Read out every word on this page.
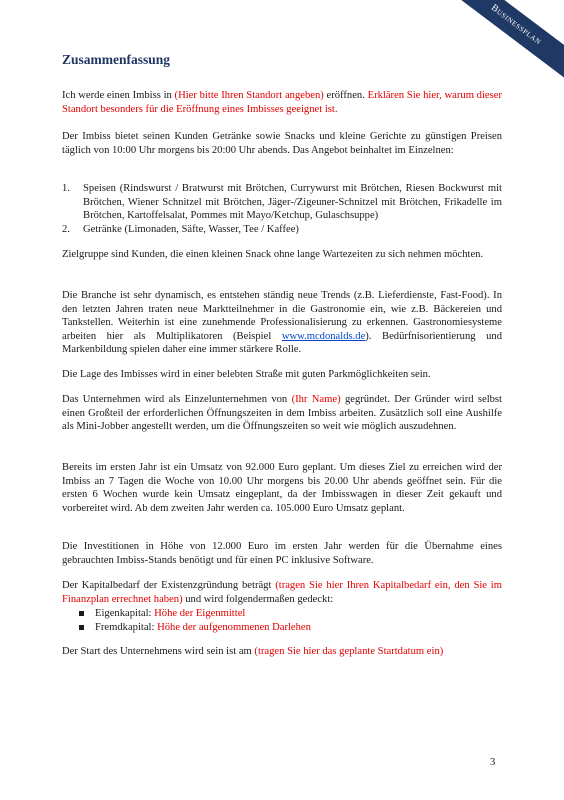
Businessplan
Zusammenfassung

Ich werde einen Imbiss in (Hier bitte Ihren Standort angeben) eröffnen. Erklären Sie hier, warum dieser Standort besonders für die Eröffnung eines Imbisses geeignet ist.

Der Imbiss bietet seinen Kunden Getränke sowie Snacks und kleine Gerichte zu günstigen Preisen täglich von 10:00 Uhr morgens bis 20:00 Uhr abends. Das Angebot beinhaltet im Einzelnen:

1. Speisen (Rindswurst / Bratwurst mit Brötchen, Currywurst mit Brötchen, Riesen Bockwurst mit Brötchen, Wiener Schnitzel mit Brötchen, Jäger-/Zigeuner-Schnitzel mit Brötchen, Frikadelle im Brötchen, Kartoffelsalat, Pommes mit Mayo/Ketchup, Gulaschsuppe)
2. Getränke (Limonaden, Säfte, Wasser, Tee / Kaffee)

Zielgruppe sind Kunden, die einen kleinen Snack ohne lange Wartezeiten zu sich nehmen möchten.

Die Branche ist sehr dynamisch, es entstehen ständig neue Trends (z.B. Lieferdienste, Fast-Food). In den letzten Jahren traten neue Marktteilnehmer in die Gastronomie ein, wie z.B. Bäckereien und Tankstellen. Weiterhin ist eine zunehmende Professionalisierung zu erkennen. Gastronomiesysteme arbeiten hier als Multiplikatoren (Beispiel www.mcdonalds.de). Bedürfnisorientierung und Markenbildung spielen daher eine immer stärkere Rolle.

Die Lage des Imbisses wird in einer belebten Straße mit guten Parkmöglichkeiten sein.

Das Unternehmen wird als Einzelunternehmen von (Ihr Name) gegründet. Der Gründer wird selbst einen Großteil der erforderlichen Öffnungszeiten in dem Imbiss arbeiten. Zusätzlich soll eine Aushilfe als Mini-Jobber angestellt werden, um die Öffnungszeiten so weit wie möglich auszudehnen.

Bereits im ersten Jahr ist ein Umsatz von 92.000 Euro geplant. Um dieses Ziel zu erreichen wird der Imbiss an 7 Tagen die Woche von 10.00 Uhr morgens bis 20.00 Uhr abends geöffnet sein. Für die ersten 6 Wochen wurde kein Umsatz eingeplant, da der Imbisswagen in dieser Zeit gekauft und vorbereitet wird. Ab dem zweiten Jahr werden ca. 105.000 Euro Umsatz geplant.

Die Investitionen in Höhe von 12.000 Euro im ersten Jahr werden für die Übernahme eines gebrauchten Imbiss-Stands benötigt und für einen PC inklusive Software.

Der Kapitalbedarf der Existenzgründung beträgt (tragen Sie hier Ihren Kapitalbedarf ein, den Sie im Finanzplan errechnet haben) und wird folgendermaßen gedeckt:

Eigenkapital: Höhe der Eigenmittel
Fremdkapital: Höhe der aufgenommenen Darlehen

Der Start des Unternehmens wird sein ist am (tragen Sie hier das geplante Startdatum ein)

3
